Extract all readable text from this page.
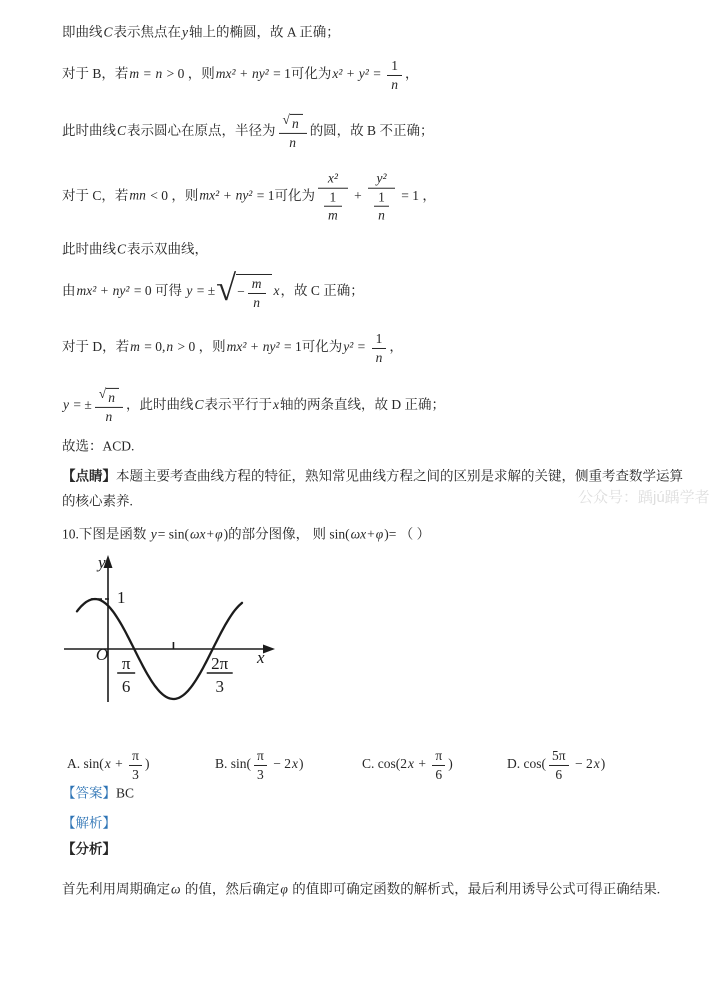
即曲线C表示焦点在y轴上的椭圆，故 A 正确；
对于 B，若m = n > 0 ，则mx² + ny² = 1可化为$x^2 + y^2 = \frac{1}{n}$ ，
此时曲线C表示圆心在原点，半径为 $\frac{√ n}{n}$ 的圆，故 B 不正确；
对于 C，若mn < 0 ，则mx² + ny² = 1可化为 $\frac{\text{x²}}{\frac{1}{m}} + \frac{\text{y²}}{\frac{1}{n}} = 1$ ，
此时曲线C表示双曲线，
由mx² + ny² = 0 可得 y = ± √ − $\frac{m}{n}$ x，故 C 正确；
对于 D，若m = 0,n > 0 ，则mx² + ny² = 1可化为$y^2 = \frac{1}{n}$ ，
y = ± $\frac{√ n}{n}$ ，此时曲线C表示平行于x轴的两条直线，故 D 正确；
故选：ACD.
【点睛】本题主要考查曲线方程的特征，熟知常见曲线方程之间的区别是求解的关键，侧重考查数学运算
的核心素养.	公众号：踽jú踽学者
10.下图是函数 y= sin(ωx+φ)的部分图像， 则 sin(ωx+φ)= （ ）
1
y
x
O π
6
2π
3
A. $\sin(x + \frac{\pi}{3}$ )	B. $\sin( \frac{\pi}{3} - 2x)$	C. $\cos(2x + \frac{\pi}{6}$ )	D. $\cos( \frac{5\pi}{6} - 2x)$
【答案】BC
【解析】
【分析】
首先利用周期确定ω 的值，然后确定φ 的值即可确定函数的解析式，最后利用诱导公式可得正确结果.
